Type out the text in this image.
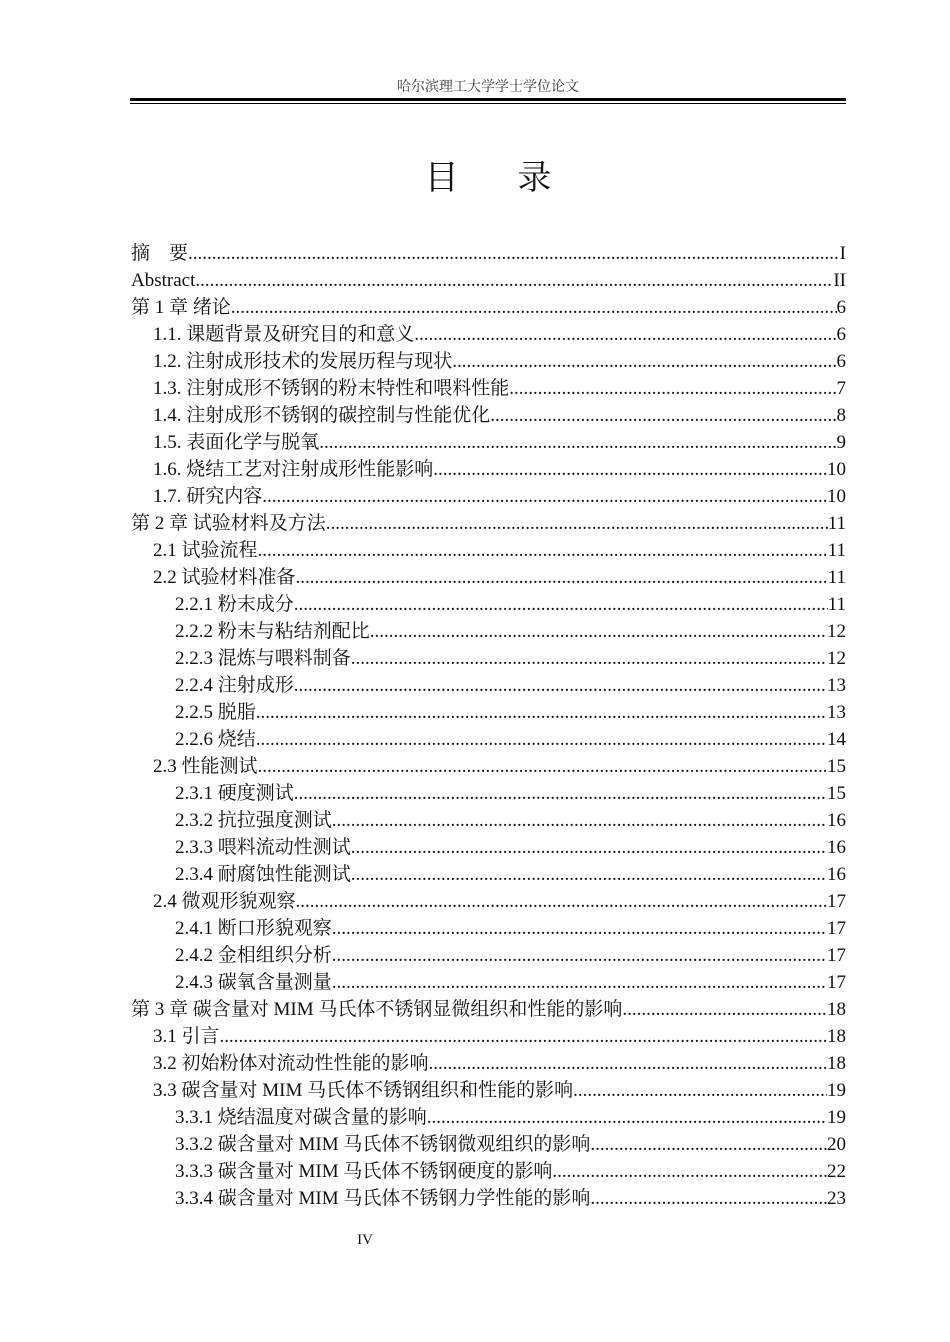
哈尔滨理工大学学士学位论文
目 录
摘　要 .....	I
Abstract .....	II
第 1 章 绪论 .....	6
1.1. 课题背景及研究目的和意义 .....	6
1.2. 注射成形技术的发展历程与现状 .....	6
1.3. 注射成形不锈钢的粉末特性和喂料性能 .....	7
1.4. 注射成形不锈钢的碳控制与性能优化 .....	8
1.5. 表面化学与脱氧 .....	9
1.6. 烧结工艺对注射成形性能影响 .....	10
1.7. 研究内容 .....	10
第 2 章 试验材料及方法 .....	11
2.1 试验流程 .....	11
2.2 试验材料准备 .....	11
2.2.1 粉末成分 .....	11
2.2.2 粉末与粘结剂配比 .....	12
2.2.3 混炼与喂料制备 .....	12
2.2.4 注射成形 .....	13
2.2.5 脱脂 .....	13
2.2.6 烧结 .....	14
2.3 性能测试 .....	15
2.3.1 硬度测试 .....	15
2.3.2 抗拉强度测试 .....	16
2.3.3 喂料流动性测试 .....	16
2.3.4 耐腐蚀性能测试 .....	16
2.4 微观形貌观察 .....	17
2.4.1 断口形貌观察 .....	17
2.4.2 金相组织分析 .....	17
2.4.3 碳氧含量测量 .....	17
第 3 章 碳含量对 MIM 马氏体不锈钢显微组织和性能的影响 .....	18
3.1 引言 .....	18
3.2 初始粉体对流动性性能的影响 .....	18
3.3 碳含量对 MIM 马氏体不锈钢组织和性能的影响 .....	19
3.3.1 烧结温度对碳含量的影响 .....	19
3.3.2 碳含量对 MIM 马氏体不锈钢微观组织的影响 .....	20
3.3.3 碳含量对 MIM 马氏体不锈钢硬度的影响 .....	22
3.3.4 碳含量对 MIM 马氏体不锈钢力学性能的影响 .....	23
IV
